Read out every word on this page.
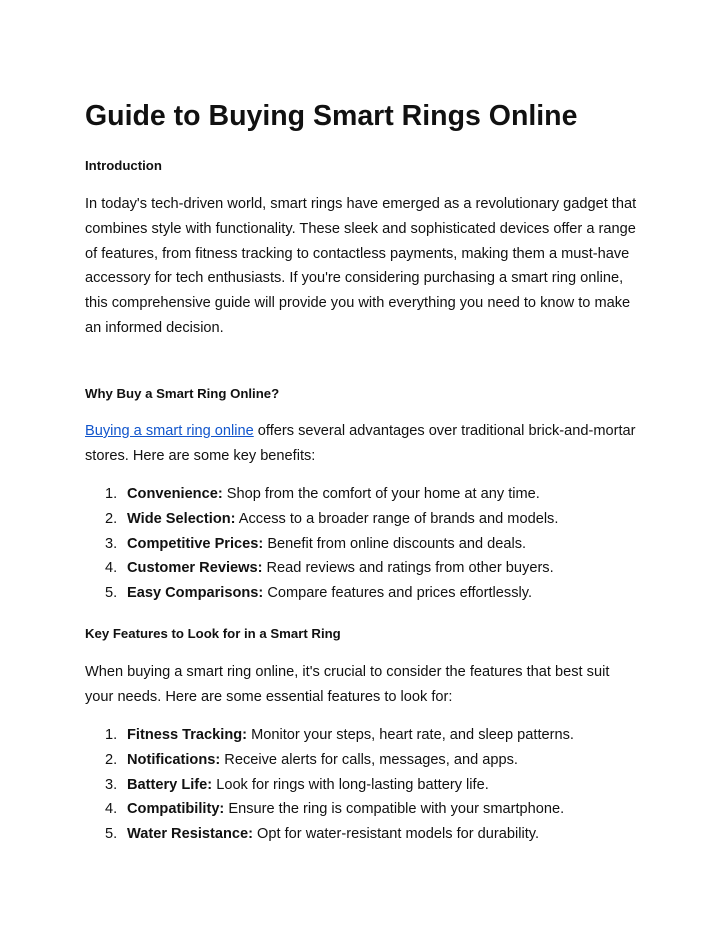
Guide to Buying Smart Rings Online

Introduction

In today's tech-driven world, smart rings have emerged as a revolutionary gadget that combines style with functionality. These sleek and sophisticated devices offer a range of features, from fitness tracking to contactless payments, making them a must-have accessory for tech enthusiasts. If you're considering purchasing a smart ring online, this comprehensive guide will provide you with everything you need to know to make an informed decision.

Why Buy a Smart Ring Online?

Buying a smart ring online offers several advantages over traditional brick-and-mortar stores. Here are some key benefits:

1. Convenience: Shop from the comfort of your home at any time.
2. Wide Selection: Access to a broader range of brands and models.
3. Competitive Prices: Benefit from online discounts and deals.
4. Customer Reviews: Read reviews and ratings from other buyers.
5. Easy Comparisons: Compare features and prices effortlessly.

Key Features to Look for in a Smart Ring

When buying a smart ring online, it's crucial to consider the features that best suit your needs. Here are some essential features to look for:

1. Fitness Tracking: Monitor your steps, heart rate, and sleep patterns.
2. Notifications: Receive alerts for calls, messages, and apps.
3. Battery Life: Look for rings with long-lasting battery life.
4. Compatibility: Ensure the ring is compatible with your smartphone.
5. Water Resistance: Opt for water-resistant models for durability.
